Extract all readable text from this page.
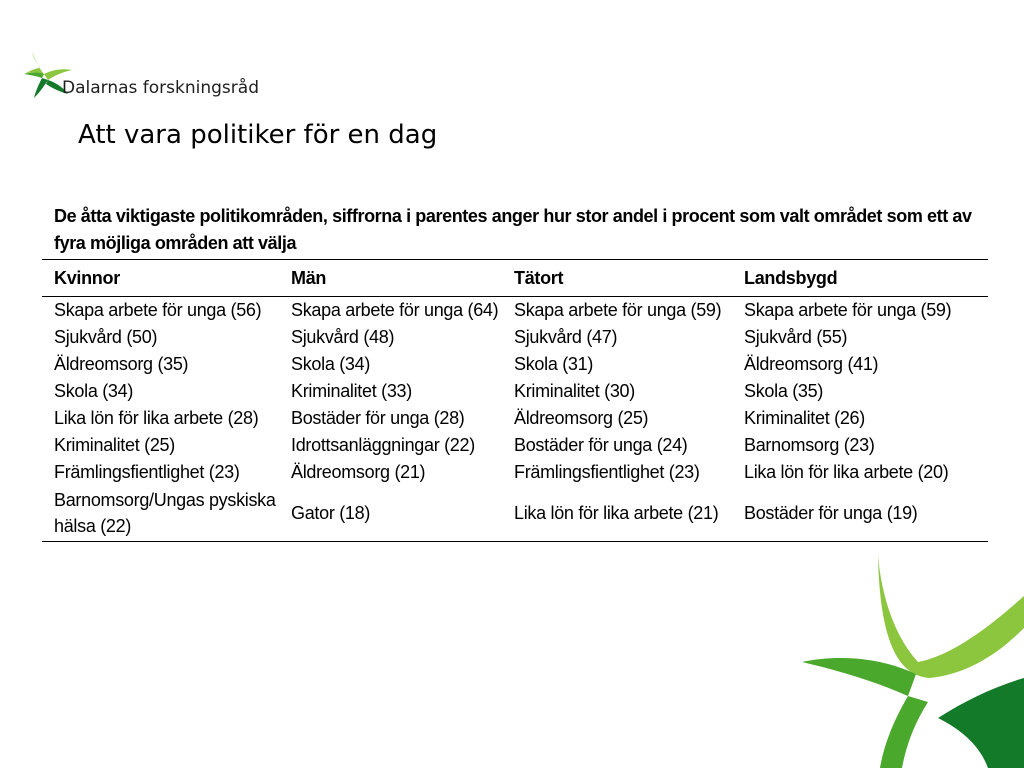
Dalarnas forskningsråd
Att vara politiker för en dag

De åtta viktigaste politikområden, siffrorna i parentes anger hur stor andel i procent som valt området som ett av fyra möjliga områden att välja

Kvinnor	Män	Tätort	Landsbygd
Skapa arbete för unga (56)	Skapa arbete för unga (64)	Skapa arbete för unga (59)	Skapa arbete för unga (59)
Sjukvård (50)	Sjukvård (48)	Sjukvård (47)	Sjukvård (55)
Äldreomsorg (35)	Skola (34)	Skola (31)	Äldreomsorg (41)
Skola (34)	Kriminalitet (33)	Kriminalitet (30)	Skola (35)
Lika lön för lika arbete (28)	Bostäder för unga (28)	Äldreomsorg (25)	Kriminalitet (26)
Kriminalitet (25)	Idrottsanläggningar (22)	Bostäder för unga (24)	Barnomsorg (23)
Främlingsfientlighet (23)	Äldreomsorg (21)	Främlingsfientlighet (23)	Lika lön för lika arbete (20)
Barnomsorg/Ungas pyskiska hälsa (22)	Gator (18)	Lika lön för lika arbete (21)	Bostäder för unga (19)
